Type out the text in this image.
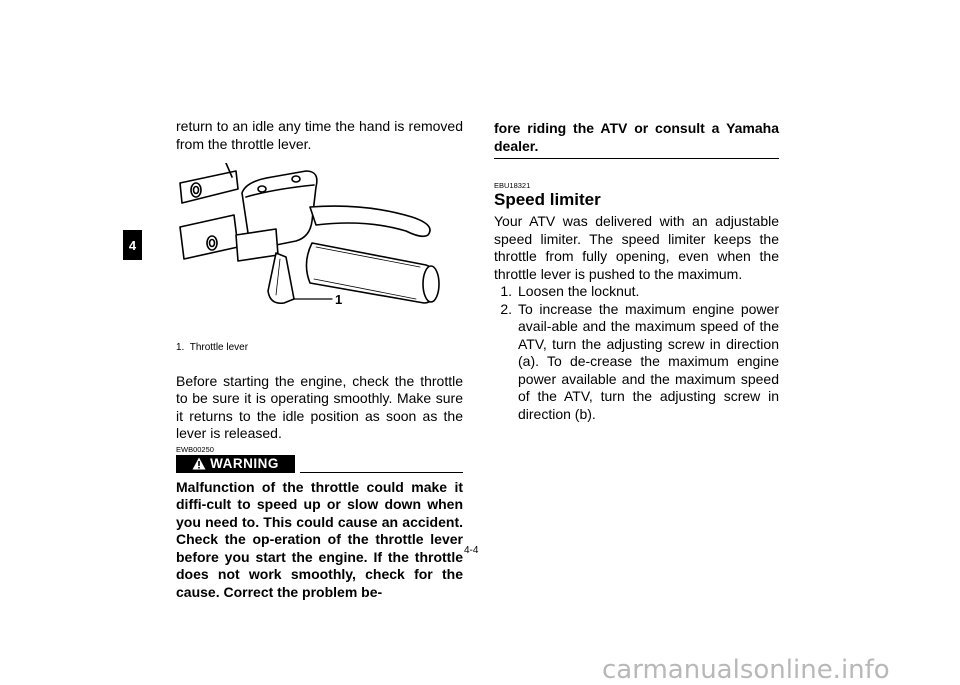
4

return to an idle any time the hand is removed from the throttle lever.

1
1.  Throttle lever

Before starting the engine, check the throttle to be sure it is operating smoothly. Make sure it returns to the idle position as soon as the lever is released.

EWB00250
WARNING

Malfunction of the throttle could make it diffi-cult to speed up or slow down when you need to. This could cause an accident. Check the op-eration of the throttle lever before you start the engine. If the throttle does not work smoothly, check for the cause. Correct the problem be-

fore riding the ATV or consult a Yamaha dealer.

EBU18321
Speed limiter

Your ATV was delivered with an adjustable speed limiter. The speed limiter keeps the throttle from fully opening, even when the throttle lever is pushed to the maximum.

1. Loosen the locknut.
2. To increase the maximum engine power avail-able and the maximum speed of the ATV, turn the adjusting screw in direction (a). To de-crease the maximum engine power available and the maximum speed of the ATV, turn the adjusting screw in direction (b).
4-4
carmanualsonline.info
